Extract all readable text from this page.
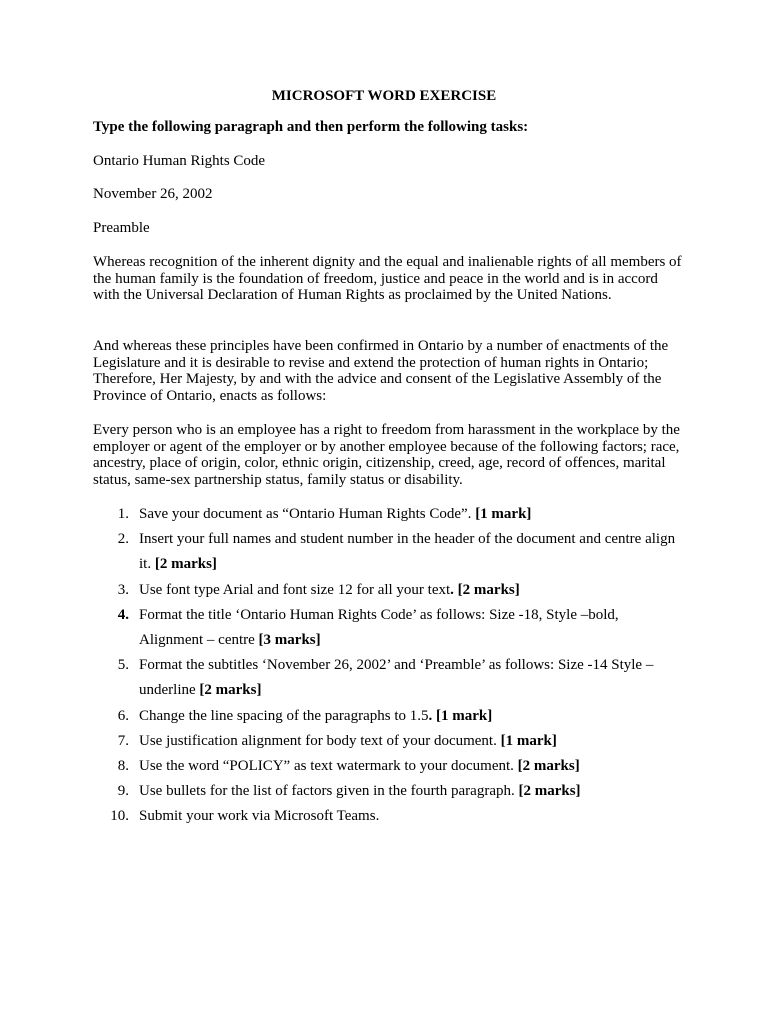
MICROSOFT WORD EXERCISE
Type the following paragraph and then perform the following tasks:
Ontario Human Rights Code
November 26, 2002
Preamble
Whereas recognition of the inherent dignity and the equal and inalienable rights of all members of the human family is the foundation of freedom, justice and peace in the world and is in accord with the Universal Declaration of Human Rights as proclaimed by the United Nations.
And whereas these principles have been confirmed in Ontario by a number of enactments of the Legislature and it is desirable to revise and extend the protection of human rights in Ontario; Therefore, Her Majesty, by and with the advice and consent of the Legislative Assembly of the Province of Ontario, enacts as follows:
Every person who is an employee has a right to freedom from harassment in the workplace by the employer or agent of the employer or by another employee because of the following factors; race, ancestry, place of origin, color, ethnic origin, citizenship, creed, age, record of offences, marital status, same-sex partnership status, family status or disability.
1. Save your document as “Ontario Human Rights Code”. [1 mark]
2. Insert your full names and student number in the header of the document and centre align it. [2 marks]
3. Use font type Arial and font size 12 for all your text. [2 marks]
4. Format the title ‘Ontario Human Rights Code’ as follows: Size -18, Style –bold, Alignment – centre [3 marks]
5. Format the subtitles ‘November 26, 2002’ and ‘Preamble’ as follows: Size -14 Style –underline [2 marks]
6. Change the line spacing of the paragraphs to 1.5. [1 mark]
7. Use justification alignment for body text of your document. [1 mark]
8. Use the word “POLICY” as text watermark to your document. [2 marks]
9. Use bullets for the list of factors given in the fourth paragraph. [2 marks]
10. Submit your work via Microsoft Teams.
